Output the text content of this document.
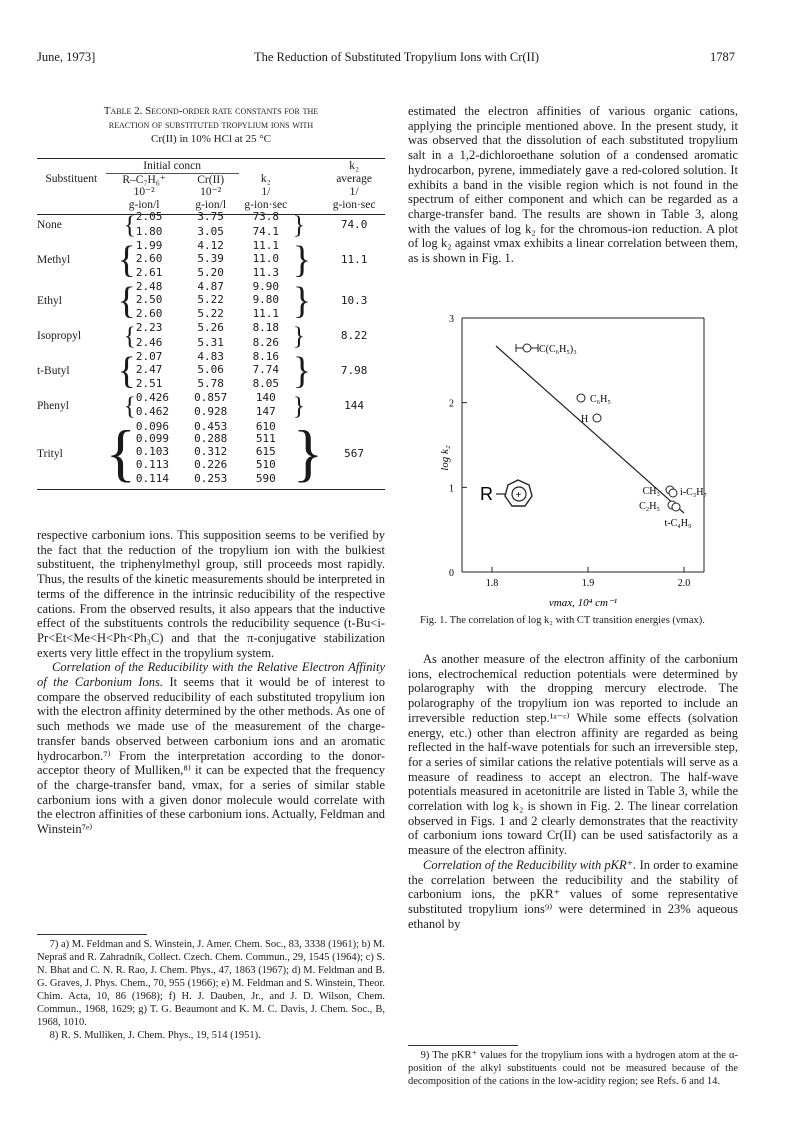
June, 1973]	The Reduction of Substituted Tropylium Ions with Cr(II)	1787
Table 2. Second-order rate constants for the
reaction of substituted tropylium ions with
Cr(II) in 10% HCl at 25 °C
	Initial concn					k₂
Substituent	R–C₇H₆⁺		Cr(II)	k₂		average
	10⁻²		10⁻²	1/		1/
	g-ion/l		g-ion/l	g-ion·sec		g-ion·sec
None	{	2.05	3.75	73.8	}	74.0
		1.80	3.05	74.1		
Methyl	{	1.99	4.12	11.1	}	11.1
		2.60	5.39	11.0		
		2.61	5.20	11.3		
Ethyl	{	2.48	4.87	9.90	}	10.3
		2.50	5.22	9.80		
		2.60	5.22	11.1		
Isopropyl	{	2.23	5.26	8.18	}	8.22
		2.46	5.31	8.26		
t-Butyl	{	2.07	4.83	8.16	}	7.98
		2.47	5.06	7.74		
		2.51	5.78	8.05		
Phenyl	{	0.426	0.857	140	}	144
		0.462	0.928	147		
Trityl	{	0.096	0.453	610	}	567
		0.099	0.288	511		
		0.103	0.312	615		
		0.113	0.226	510		
		0.114	0.253	590		

respective carbonium ions. This supposition seems to be verified by the fact that the reduction of the tropylium ion with the bulkiest substituent, the triphenylmethyl group, still proceeds most rapidly. Thus, the results of the kinetic measurements should be interpreted in terms of the difference in the intrinsic reducibility of the respective cations. From the observed results, it also appears that the inductive effect of the substituents controls the reducibility sequence (t-Bu<i-Pr<Et<Me<H<Ph<Ph₃C) and that the π-conjugative stabilization exerts very little effect in the tropylium system.

Correlation of the Reducibility with the Relative Electron Affinity of the Carbonium Ions. It seems that it would be of interest to compare the observed reducibility of each substituted tropylium ion with the electron affinity determined by the other methods. As one of such methods we made use of the measurement of the charge-transfer bands observed between carbonium ions and an aromatic hydrocarbon.⁷⁾ From the interpretation according to the donor-acceptor theory of Mulliken,⁸⁾ it can be expected that the frequency of the charge-transfer band, νmax, for a series of similar stable carbonium ions with a given donor molecule would correlate with the electron affinities of these carbonium ions. Actually, Feldman and Winstein⁷ᵉ⁾

7) a) M. Feldman and S. Winstein, J. Amer. Chem. Soc., 83, 3338 (1961); b) M. Nepraš and R. Zahradník, Collect. Czech. Chem. Commun., 29, 1545 (1964); c) S. N. Bhat and C. N. R. Rao, J. Chem. Phys., 47, 1863 (1967); d) M. Feldman and B. G. Graves, J. Phys. Chem., 70, 955 (1966); e) M. Feldman and S. Winstein, Theor. Chim. Acta, 10, 86 (1968); f) H. J. Dauben, Jr., and J. D. Wilson, Chem. Commun., 1968, 1629; g) T. G. Beaumont and K. M. C. Davis, J. Chem. Soc., B, 1968, 1010.

8) R. S. Mulliken, J. Chem. Phys., 19, 514 (1951).

estimated the electron affinities of various organic cations, applying the principle mentioned above. In the present study, it was observed that the dissolution of each substituted tropylium salt in a 1,2-dichloroethane solution of a condensed aromatic hydrocarbon, pyrene, immediately gave a red-colored solution. It exhibits a band in the visible region which is not found in the spectrum of either component and which can be regarded as a charge-transfer band. The results are shown in Table 3, along with the values of log k₂ for the chromous-ion reduction. A plot of log k₂ against νmax exhibits a linear correlation between them, as is shown in Fig. 1.

0
1
2
3
1.8	1.9	2.0
log k₂
νmax, 10⁴ cm⁻¹
C(C₆H₅)₃
C₆H₅
H
CH₃ i-C₃H₇
C₂H₅
t-C₄H₉
R +
Fig. 1. The correlation of log k₂ with CT transition energies (νmax).

As another measure of the electron affinity of the carbonium ions, electrochemical reduction potentials were determined by polarography with the dropping mercury electrode. The polarography of the tropylium ion was reported to include an irreversible reduction step.¹ᵃ⁻ᶜ⁾ While some effects (solvation energy, etc.) other than electron affinity are regarded as being reflected in the half-wave potentials for such an irreversible step, for a series of similar cations the relative potentials will serve as a measure of readiness to accept an electron. The half-wave potentials measured in acetonitrile are listed in Table 3, while the correlation with log k₂ is shown in Fig. 2. The linear correlation observed in Figs. 1 and 2 clearly demonstrates that the reactivity of carbonium ions toward Cr(II) can be used satisfactorily as a measure of the electron affinity.

Correlation of the Reducibility with pKR⁺. In order to examine the correlation between the reducibility and the stability of carbonium ions, the pKR⁺ values of some representative substituted tropylium ions⁹⁾ were determined in 23% aqueous ethanol by

9) The pKR⁺ values for the tropylium ions with a hydrogen atom at the α-position of the alkyl substituents could not be measured because of the decomposition of the cations in the low-acidity region; see Refs. 6 and 14.
